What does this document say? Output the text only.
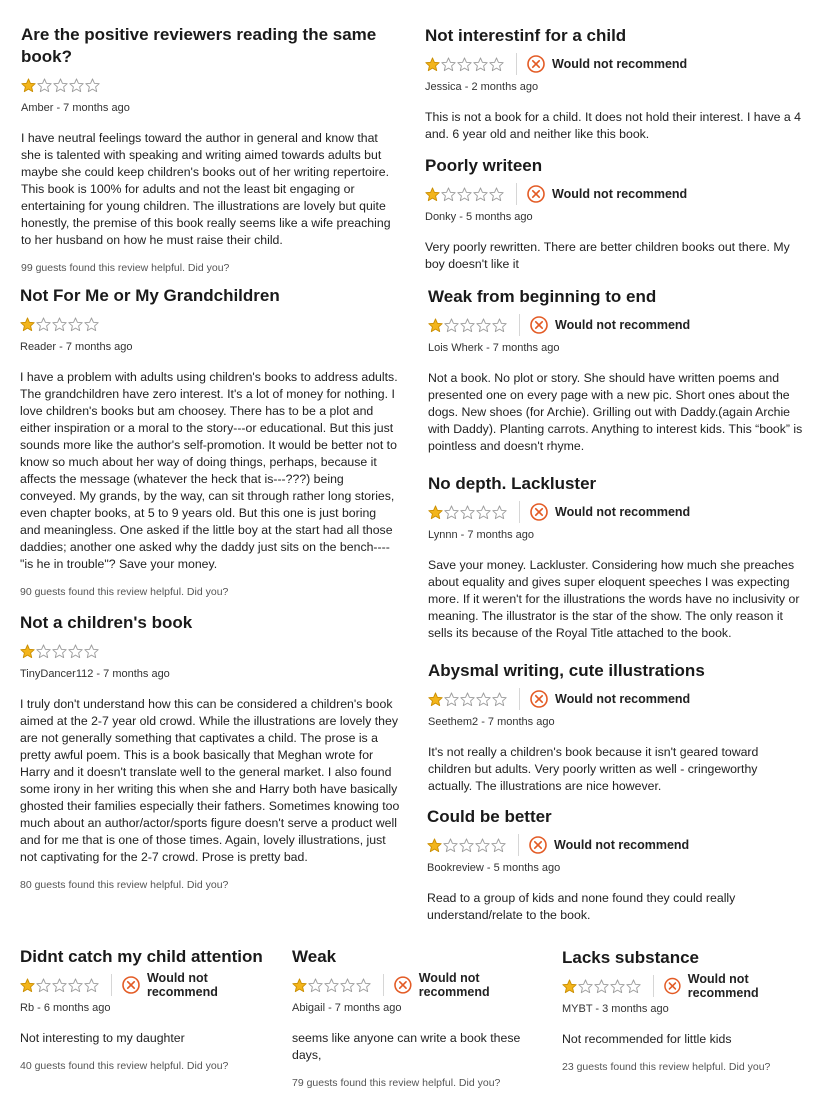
Are the positive reviewers reading the same book?
Amber - 7 months ago
I have neutral feelings toward the author in general and know that she is talented with speaking and writing aimed towards adults but maybe she could keep children's books out of her writing repertoire. This book is 100% for adults and not the least bit engaging or entertaining for young children. The illustrations are lovely but quite honestly, the premise of this book really seems like a wife preaching to her husband on how he must raise their child.
99 guests found this review helpful. Did you?
Not For Me or My Grandchildren
Reader - 7 months ago
I have a problem with adults using children's books to address adults. The grandchildren have zero interest. It's a lot of money for nothing. I love children's books but am choosey. There has to be a plot and either inspiration or a moral to the story---or educational. But this just sounds more like the author's self-promotion. It would be better not to know so much about her way of doing things, perhaps, because it affects the message (whatever the heck that is---???) being conveyed. My grands, by the way, can sit through rather long stories, even chapter books, at 5 to 9 years old. But this one is just boring and meaningless. One asked if the little boy at the start had all those daddies; another one asked why the daddy just sits on the bench----"is he in trouble"? Save your money.
90 guests found this review helpful. Did you?
Not a children's book
TinyDancer112 - 7 months ago
I truly don't understand how this can be considered a children's book aimed at the 2-7 year old crowd. While the illustrations are lovely they are not generally something that captivates a child. The prose is a pretty awful poem. This is a book basically that Meghan wrote for Harry and it doesn't translate well to the general market. I also found some irony in her writing this when she and Harry both have basically ghosted their families especially their fathers. Sometimes knowing too much about an author/actor/sports figure doesn't serve a product well and for me that is one of those times. Again, lovely illustrations, just not captivating for the 2-7 crowd. Prose is pretty bad.
80 guests found this review helpful. Did you?
Not interestinf for a child
Would not recommend
Jessica - 2 months ago
This is not a book for a child. It does not hold their interest. I have a 4 and. 6 year old and neither like this book.
Poorly writeen
Would not recommend
Donky - 5 months ago
Very poorly rewritten. There are better children books out there. My boy doesn't like it
Weak from beginning to end
Would not recommend
Lois Wherk - 7 months ago
Not a book. No plot or story. She should have written poems and presented one on every page with a new pic. Short ones about the dogs. New shoes (for Archie). Grilling out with Daddy.(again Archie with Daddy). Planting carrots. Anything to interest kids. This “book” is pointless and doesn't rhyme.
No depth. Lackluster
Would not recommend
Lynnn - 7 months ago
Save your money. Lackluster. Considering how much she preaches about equality and gives super eloquent speeches I was expecting more. If it weren't for the illustrations the words have no inclusivity or meaning. The illustrator is the star of the show. The only reason it sells its because of the Royal Title attached to the book.
Abysmal writing, cute illustrations
Would not recommend
Seethem2 - 7 months ago
It's not really a children's book because it isn't geared toward children but adults. Very poorly written as well - cringeworthy actually. The illustrations are nice however.
Could be better
Would not recommend
Bookreview - 5 months ago
Read to a group of kids and none found they could really understand/relate to the book.
Didnt catch my child attention
Would not recommend
Rb - 6 months ago
Not interesting to my daughter
40 guests found this review helpful. Did you?
Weak
Would not recommend
Abigail - 7 months ago
seems like anyone can write a book these days,
79 guests found this review helpful. Did you?
Lacks substance
Would not recommend
MYBT - 3 months ago
Not recommended for little kids
23 guests found this review helpful. Did you?
